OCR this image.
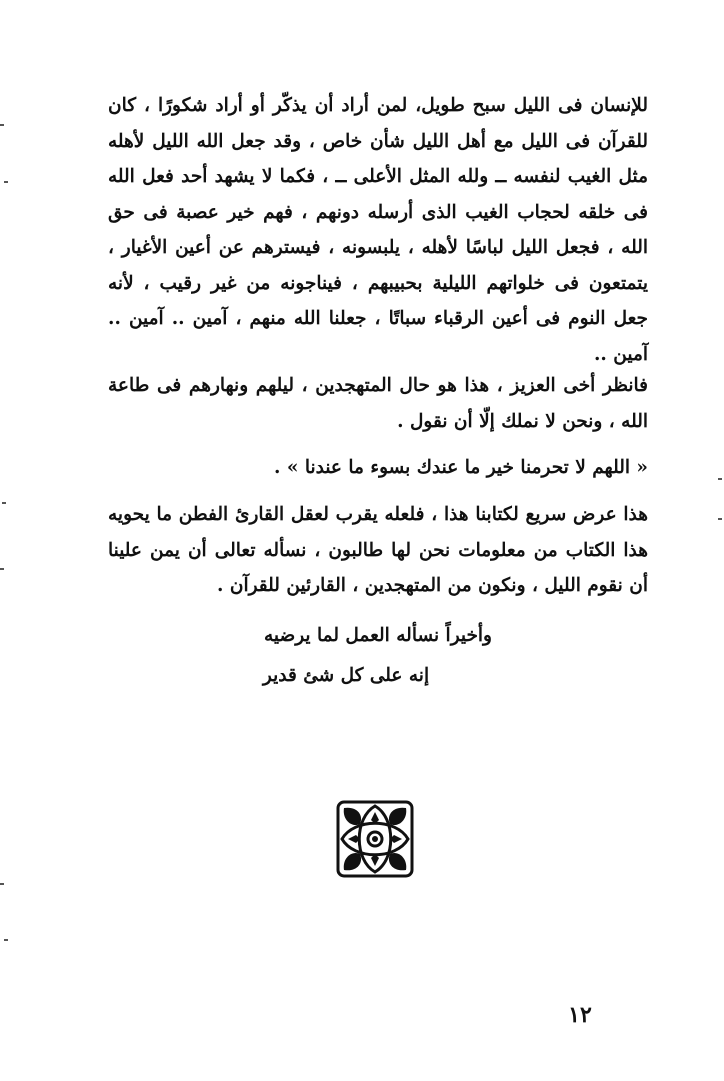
للإنسان فى الليل سبح طويل، لمن أراد أن يذكّر أو أراد شكورًا ، كان للقرآن فى الليل مع أهل الليل شأن خاص ، وقد جعل الله الليل لأهله مثل الغيب لنفسه ــ ولله المثل الأعلى ــ ، فكما لا يشهد أحد فعل الله فى خلقه لحجاب الغيب الذى أرسله دونهم ، فهم خير عصبة فى حق الله ، فجعل الليل لباسًا لأهله ، يلبسونه ، فيسترهم عن أعين الأغيار ، يتمتعون فى خلواتهم الليلية بحبيبهم ، فيناجونه من غير رقيب ، لأنه جعل النوم فى أعين الرقباء سباتًا ، جعلنا الله منهم ، آمين .. آمين .. آمين ..
فانظر أخى العزيز ، هذا هو حال المتهجدين ، ليلهم ونهارهم فى طاعة الله ، ونحن لا نملك إلّا أن نقول .
« اللهم لا تحرمنا خير ما عندك بسوء ما عندنا » .
هذا عرض سريع لكتابنا هذا ، فلعله يقرب لعقل القارئ الفطن ما يحويه هذا الكتاب من معلومات نحن لها طالبون ، نسأله تعالى أن يمن علينا أن نقوم الليل ، ونكون من المتهجدين ، القارئين للقرآن .
وأخيراً نسأله العمل لما يرضيه
إنه على كل شئ قدير
١٢
